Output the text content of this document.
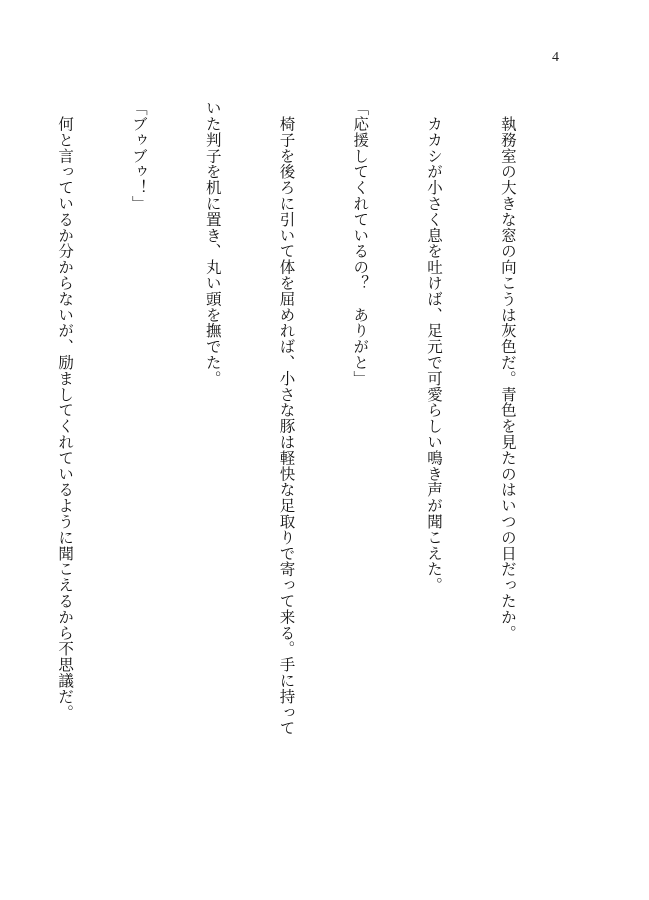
4

　執務室の大きな窓の向こうは灰色だ。青色を見たのはいつの日だったか。

　カカシが小さく息を吐けば、足元で可愛らしい鳴き声が聞こえた。

「応援してくれているの？　ありがと」

　椅子を後ろに引いて体を屈めれば、小さな豚は軽快な足取りで寄って来る。手に持って

いた判子を机に置き、丸い頭を撫でた。

「ブゥブゥ！」

　何と言っているか分からないが、励ましてくれているように聞こえるから不思議だ。
